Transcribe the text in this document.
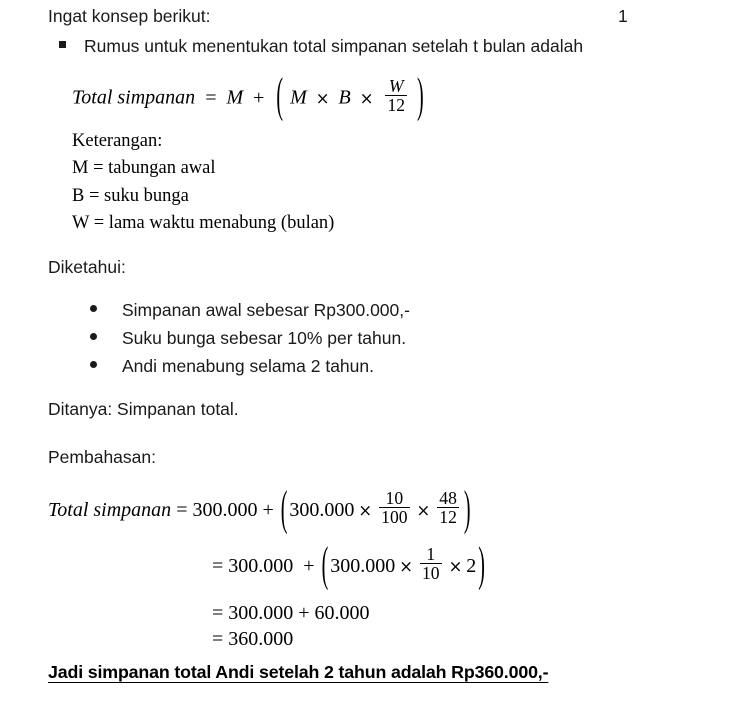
1
Ingat konsep berikut:
Rumus untuk menentukan total simpanan setelah t bulan adalah
Total simpanan = M + ( $M \times B \times \frac{W}{12}$ )
Keterangan:
M = tabungan awal
B = suku bunga
W = lama waktu menabung (bulan)
Diketahui:
Simpanan awal sebesar Rp300.000,-
Suku bunga sebesar 10% per tahun.
Andi menabung selama 2 tahun.
Ditanya: Simpanan total.
Pembahasan:
Total simpanan = 300.000 + ( $300.000 \times \frac{10}{100} \times \frac{48}{12}$ )
= 300.000 + ( $300.000 \times \frac{1}{10} \times 2$ )
= 300.000 + 60.000
= 360.000
Jadi simpanan total Andi setelah 2 tahun adalah Rp360.000,-
